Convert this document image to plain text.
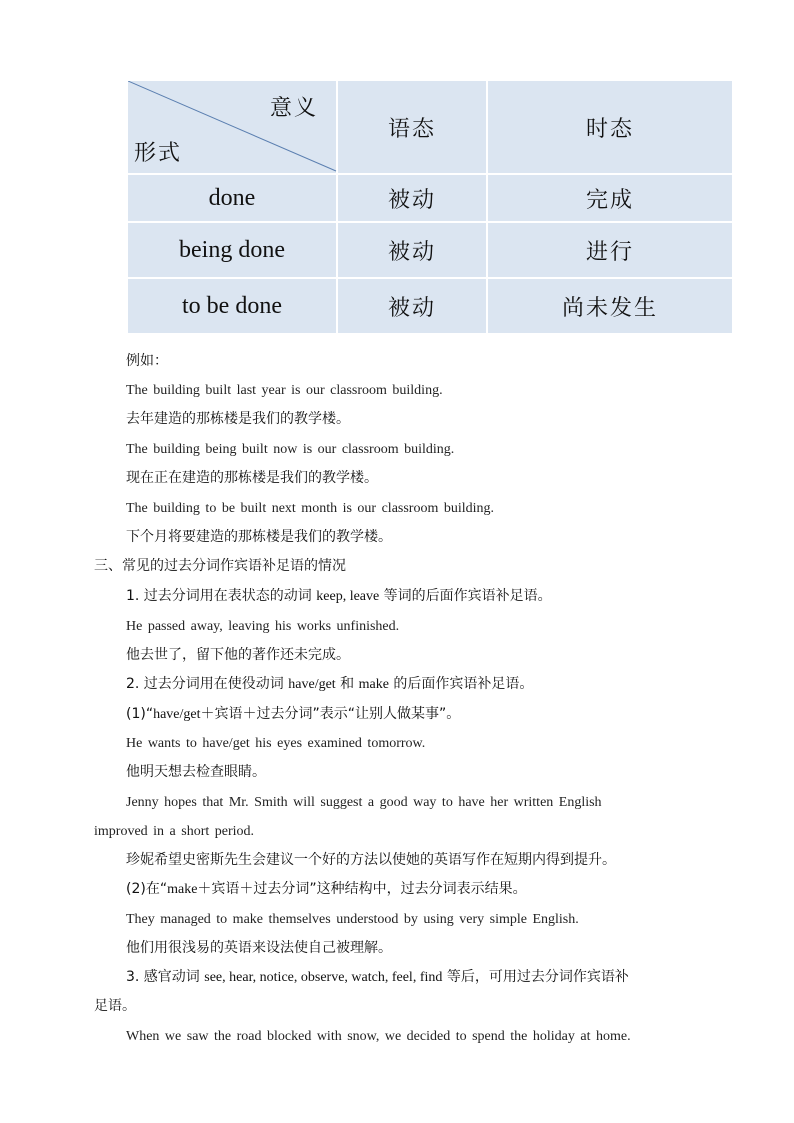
意义
形式	语态	时态
done	被动	完成
being done	被动	进行
to be done	被动	尚未发生
例如：
The building built last year is our classroom building.
去年建造的那栋楼是我们的教学楼。
The building being built now is our classroom building.
现在正在建造的那栋楼是我们的教学楼。
The building to be built next month is our classroom building.
下个月将要建造的那栋楼是我们的教学楼。
三、常见的过去分词作宾语补足语的情况
1. 过去分词用在表状态的动词 keep, leave 等词的后面作宾语补足语。
He passed away, leaving his works unfinished.
他去世了，留下他的著作还未完成。
2. 过去分词用在使役动词 have/get 和 make 的后面作宾语补足语。
(1)“have/get＋宾语＋过去分词”表示“让别人做某事”。
He wants to have/get his eyes examined tomorrow.
他明天想去检查眼睛。
Jenny hopes that Mr. Smith will suggest a good way to have her written English
improved in a short period.
珍妮希望史密斯先生会建议一个好的方法以使她的英语写作在短期内得到提升。
(2)在“make＋宾语＋过去分词”这种结构中，过去分词表示结果。
They managed to make themselves understood by using very simple English.
他们用很浅易的英语来设法使自己被理解。
3. 感官动词 see, hear, notice, observe, watch, feel, find 等后，可用过去分词作宾语补
足语。
When we saw the road blocked with snow, we decided to spend the holiday at home.
